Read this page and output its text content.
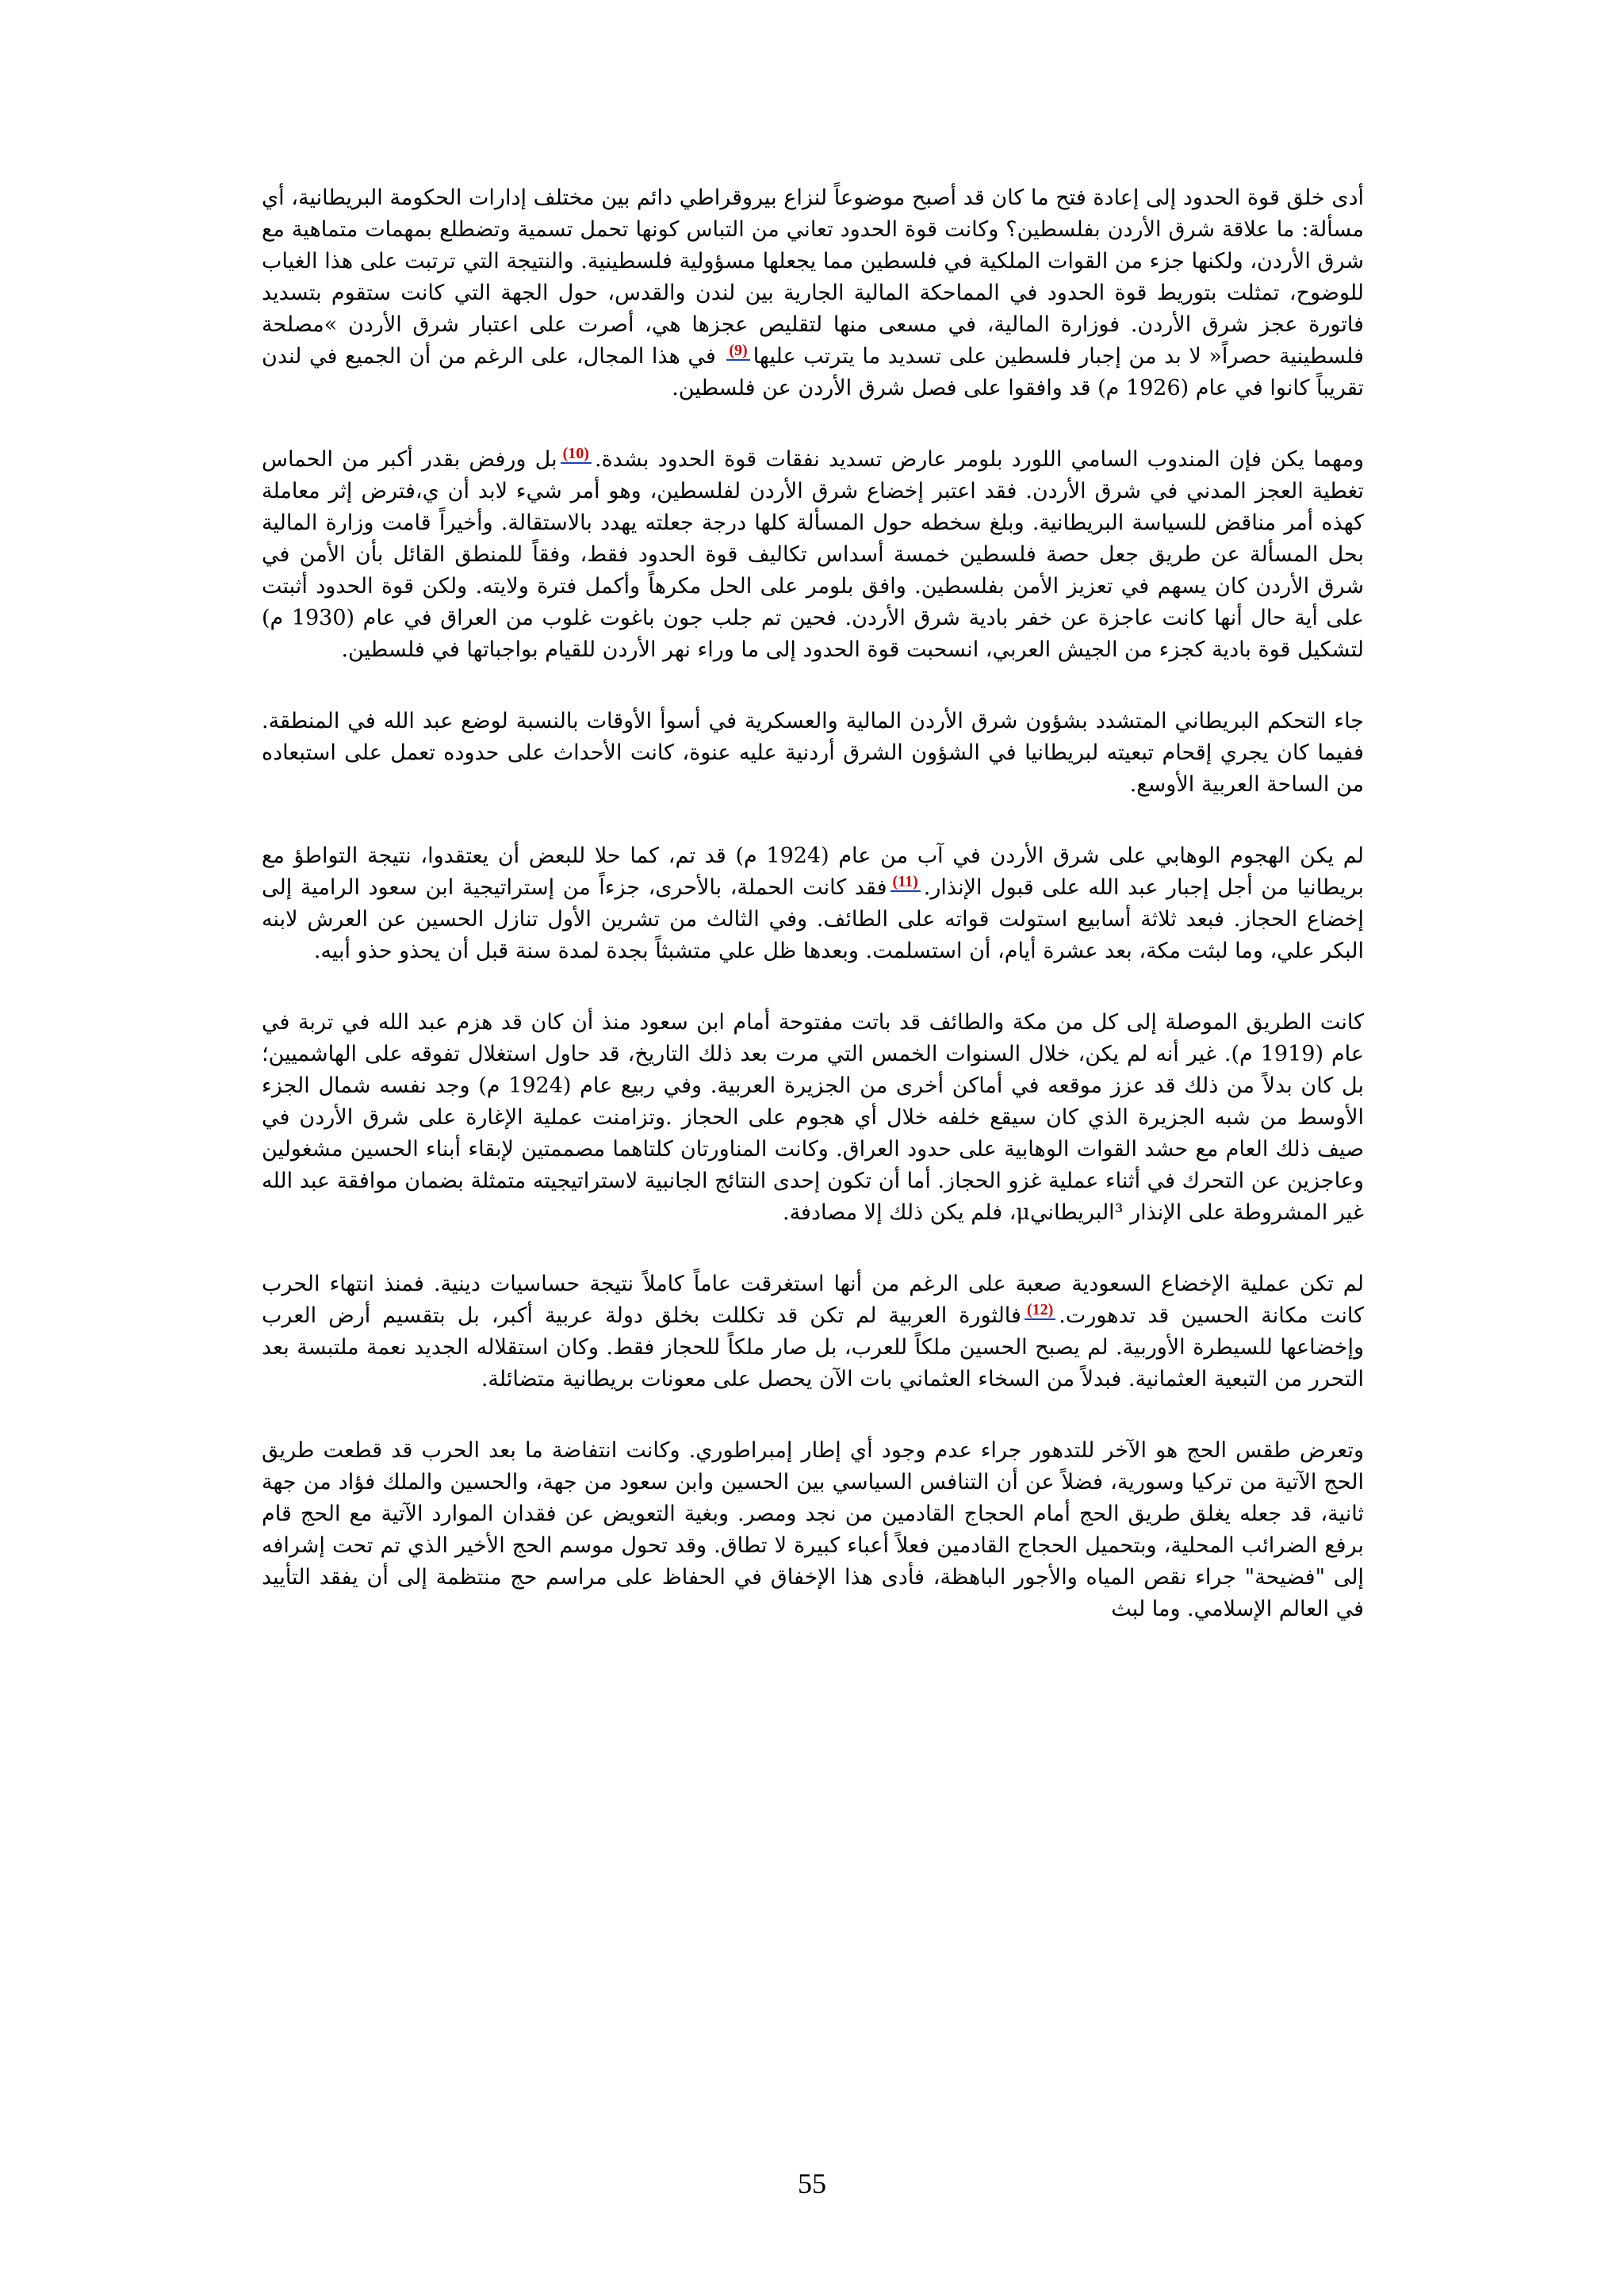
أدى خلق قوة الحدود إلى إعادة فتح ما كان قد أصبح موضوعاً لنزاع بيروقراطي دائم بين مختلف إدارات الحكومة البريطانية، أي مسألة: ما علاقة شرق الأردن بفلسطين؟ وكانت قوة الحدود تعاني من التباس كونها تحمل تسمية وتضطلع بمهمات متماهية مع شرق الأردن، ولكنها جزء من القوات الملكية في فلسطين مما يجعلها مسؤولية فلسطينية. والنتيجة التي ترتبت على هذا الغياب للوضوح، تمثلت بتوريط قوة الحدود في المماحكة المالية الجارية بين لندن والقدس، حول الجهة التي كانت ستقوم بتسديد فاتورة عجز شرق الأردن. فوزارة المالية، في مسعى منها لتقليص عجزها هي، أصرت على اعتبار شرق الأردن »مصلحة فلسطينية حصراً« لا بد من إجبار فلسطين على تسديد ما يترتب عليها$^{(9)}$ في هذا المجال، على الرغم من أن الجميع في لندن تقريباً كانوا في عام (1926 م) قد وافقوا على فصل شرق الأردن عن فلسطين.

ومهما يكن فإن المندوب السامي اللورد بلومر عارض تسديد نفقات قوة الحدود بشدة.$^{(10)}$بل ورفض بقدر أكبر من الحماس تغطية العجز المدني في شرق الأردن. فقد اعتبر إخضاع شرق الأردن لفلسطين، وهو أمر شيء لابد أن ي،فترض إثر معاملة كهذه أمر مناقض للسياسة البريطانية. وبلغ سخطه حول المسألة كلها درجة جعلته يهدد بالاستقالة. وأخيراً قامت وزارة المالية بحل المسألة عن طريق جعل حصة فلسطين خمسة أسداس تكاليف قوة الحدود فقط، وفقاً للمنطق القائل بأن الأمن في شرق الأردن كان يسهم في تعزيز الأمن بفلسطين. وافق بلومر على الحل مكرهاً وأكمل فترة ولايته. ولكن قوة الحدود أثبتت على أية حال أنها كانت عاجزة عن خفر بادية شرق الأردن. فحين تم جلب جون باغوت غلوب من العراق في عام (1930 م) لتشكيل قوة بادية كجزء من الجيش العربي، انسحبت قوة الحدود إلى ما وراء نهر الأردن للقيام بواجباتها في فلسطين.

جاء التحكم البريطاني المتشدد بشؤون شرق الأردن المالية والعسكرية في أسوأ الأوقات بالنسبة لوضع عبد الله في المنطقة. ففيما كان يجري إقحام تبعيته لبريطانيا في الشؤون الشرق أردنية عليه عنوة، كانت الأحداث على حدوده تعمل على استبعاده من الساحة العربية الأوسع.

لم يكن الهجوم الوهابي على شرق الأردن في آب من عام (1924 م) قد تم، كما حلا للبعض أن يعتقدوا، نتيجة التواطؤ مع بريطانيا من أجل إجبار عبد الله على قبول الإنذار.$^{(11)}$فقد كانت الحملة، بالأحرى، جزءاً من إستراتيجية ابن سعود الرامية إلى إخضاع الحجاز. فبعد ثلاثة أسابيع استولت قواته على الطائف. وفي الثالث من تشرين الأول تنازل الحسين عن العرش لابنه البكر علي، وما لبثت مكة، بعد عشرة أيام، أن استسلمت. وبعدها ظل علي متشبثاً بجدة لمدة سنة قبل أن يحذو حذو أبيه.

كانت الطريق الموصلة إلى كل من مكة والطائف قد باتت مفتوحة أمام ابن سعود منذ أن كان قد هزم عبد الله في تربة في عام (1919 م). غير أنه لم يكن، خلال السنوات الخمس التي مرت بعد ذلك التاريخ، قد حاول استغلال تفوقه على الهاشميين؛ بل كان بدلاً من ذلك قد عزز موقعه في أماكن أخرى من الجزيرة العربية. وفي ربيع عام (1924 م) وجد نفسه شمال الجزء الأوسط من شبه الجزيرة الذي كان سيقع خلفه خلال أي هجوم على الحجاز .وتزامنت عملية الإغارة على شرق الأردن في صيف ذلك العام مع حشد القوات الوهابية على حدود العراق. وكانت المناورتان كلتاهما مصممتين لإبقاء أبناء الحسين مشغولين وعاجزين عن التحرك في أثناء عملية غزو الحجاز. أما أن تكون إحدى النتائج الجانبية لاستراتيجيته متمثلة بضمان موافقة عبد الله غير المشروطة على الإنذار ³البريطانيμ، فلم يكن ذلك إلا مصادفة.

لم تكن عملية الإخضاع السعودية صعبة على الرغم من أنها استغرقت عاماً كاملاً نتيجة حساسيات دينية. فمنذ انتهاء الحرب كانت مكانة الحسين قد تدهورت.$^{(12)}$فالثورة العربية لم تكن قد تكللت بخلق دولة عربية أكبر، بل بتقسيم أرض العرب وإخضاعها للسيطرة الأوربية. لم يصبح الحسين ملكاً للعرب، بل صار ملكاً للحجاز فقط. وكان استقلاله الجديد نعمة ملتبسة بعد التحرر من التبعية العثمانية. فبدلاً من السخاء العثماني بات الآن يحصل على معونات بريطانية متضائلة.

وتعرض طقس الحج هو الآخر للتدهور جراء عدم وجود أي إطار إمبراطوري. وكانت انتفاضة ما بعد الحرب قد قطعت طريق الحج الآتية من تركيا وسورية، فضلاً عن أن التنافس السياسي بين الحسين وابن سعود من جهة، والحسين والملك فؤاد من جهة ثانية، قد جعله يغلق طريق الحج أمام الحجاج القادمين من نجد ومصر. وبغية التعويض عن فقدان الموارد الآتية مع الحج قام برفع الضرائب المحلية، وبتحميل الحجاج القادمين فعلاً أعباء كبيرة لا تطاق. وقد تحول موسم الحج الأخير الذي تم تحت إشرافه إلى "فضيحة" جراء نقص المياه والأجور الباهظة، فأدى هذا الإخفاق في الحفاظ على مراسم حج منتظمة إلى أن يفقد التأييد في العالم الإسلامي. وما لبث

55
